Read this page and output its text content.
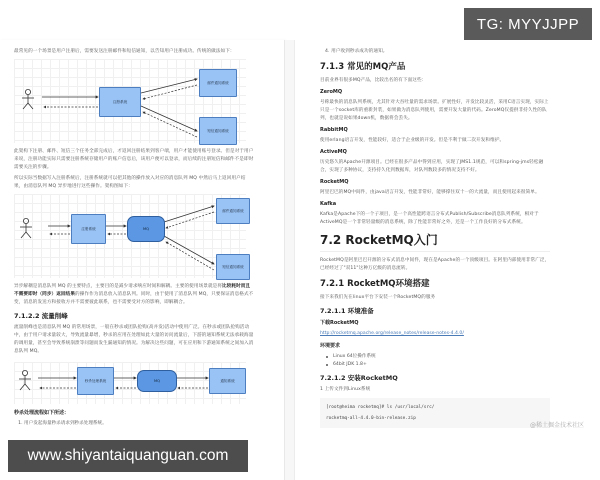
最常见的一个场景是用户注册后，需要发送注册邮件和短信通知，以告知用户注册成功。传统的做法如下：
注册系统
邮件通知系统
短信通知系统
此架构下注册、邮件、短信三个任务全部完成后，才返回注册结果到客户端，用户才能使用账号登录。但是对于用户来说，注册功能实际只需要注册系统存储用户的账户信息后，该用户便可以登录，而后续的注册短信和邮件不是即时需要关注的步骤。
所以实际当数据写入注册系统后，注册系统就可以把其他的操作放入对应的消息队列 MQ 中然后马上返回用户结果，由消息队列 MQ 异步地进行这些操作。架构图如下：
注册系统	MQ
邮件通知系统
短信通知系统
异步解耦是消息队列 MQ 的主要特点，主要目的是减少请求响应时间和解耦。主要的使用场景就是将比较耗时而且不需要即时（同步）返回结果的操作作为消息放入消息队列。同时，由于使用了消息队列 MQ，只要保证消息格式不变，消息的发送方和接收方并不需要彼此联系，也不需要受对方的影响，即解耦合。
7.1.2.2 流量削峰
流量削峰也是消息队列 MQ 的常用场景，一般在秒杀或团队抢购(高并发)活动中使用广泛。在秒杀或团队抢购活动中，由于用户请求量较大，导致流量暴增，秒杀的应用在处理如此大量的访问流量后，下游的通知系统无法承载海量的调用量，甚至会导致系统崩溃等问题而发生漏通知的情况。为解决这些问题，可在应用和下游通知系统之间加入消息队列 MQ。
秒杀处理系统	MQ	通知系统
秒杀处理流程如下所述：
1. 用户发起海量秒杀请求到秒杀处理系统。
4. 用户收到秒杀成功的通知。
7.1.3 常见的MQ产品
目前业界有很多MQ产品，比较出名的有下面这些：
ZeroMQ
号称最快的消息队列系统，尤其针对大吞吐量的需求场景。扩展性好，开发比较灵活，采用C语言实现，实际上只是一个socket库的重新封装，如果做为消息队列使用，需要开发大量的代码。ZeroMQ仅提供非持久性的队列，也就是说如果down机，数据将会丢失。
RabbitMQ
使用erlang语言开发，性能较好，适合于企业级的开发。但是不利于做二次开发和维护。
ActiveMQ
历史悠久的Apache开源项目。已经在很多产品中得到应用，实现了JMS1.1规范，可以和spring-jms轻松融合，实现了多种协议，支持持久化到数据库，对队列数较多的情况支持不好。
RocketMQ
阿里巴巴的MQ中间件，由java语言开发，性能非常好，能够撑住双十一的大流量，而且使用起来很简单。
Kafka
Kafka是Apache下的一个子项目，是一个高性能跨语言分布式Publish/Subscribe消息队列系统，相对于ActiveMQ是一个非常轻量级的消息系统，除了性能非常好之外，还是一个工作良好的分布式系统。
7.2 RocketMQ入门
RocketMQ是阿里巴巴开源的分布式消息中间件，现在是Apache的一个顶级项目。在阿里内部使用非常广泛，已经经过了"双11"这种万亿级的消息流转。
7.2.1 RocketMQ环境搭建
接下来我们先在linux平台下安装一个RocketMQ的服务
7.2.1.1 环境准备
下载RocketMQ
http://rocketmq.apache.org/release_notes/release-notes-4.4.0/
环境要求
Linux 64位操作系统
64bit JDK 1.8+
7.2.1.2 安装RocketMQ
1 上传文件到Linux系统
[root@heima rocketmq]# ls /usr/local/src/
rocketmq-all-4.4.0-bin-release.zip
@稀土掘金技术社区
TG: MYYJJPP
www.shiyantaiquanguan.com
